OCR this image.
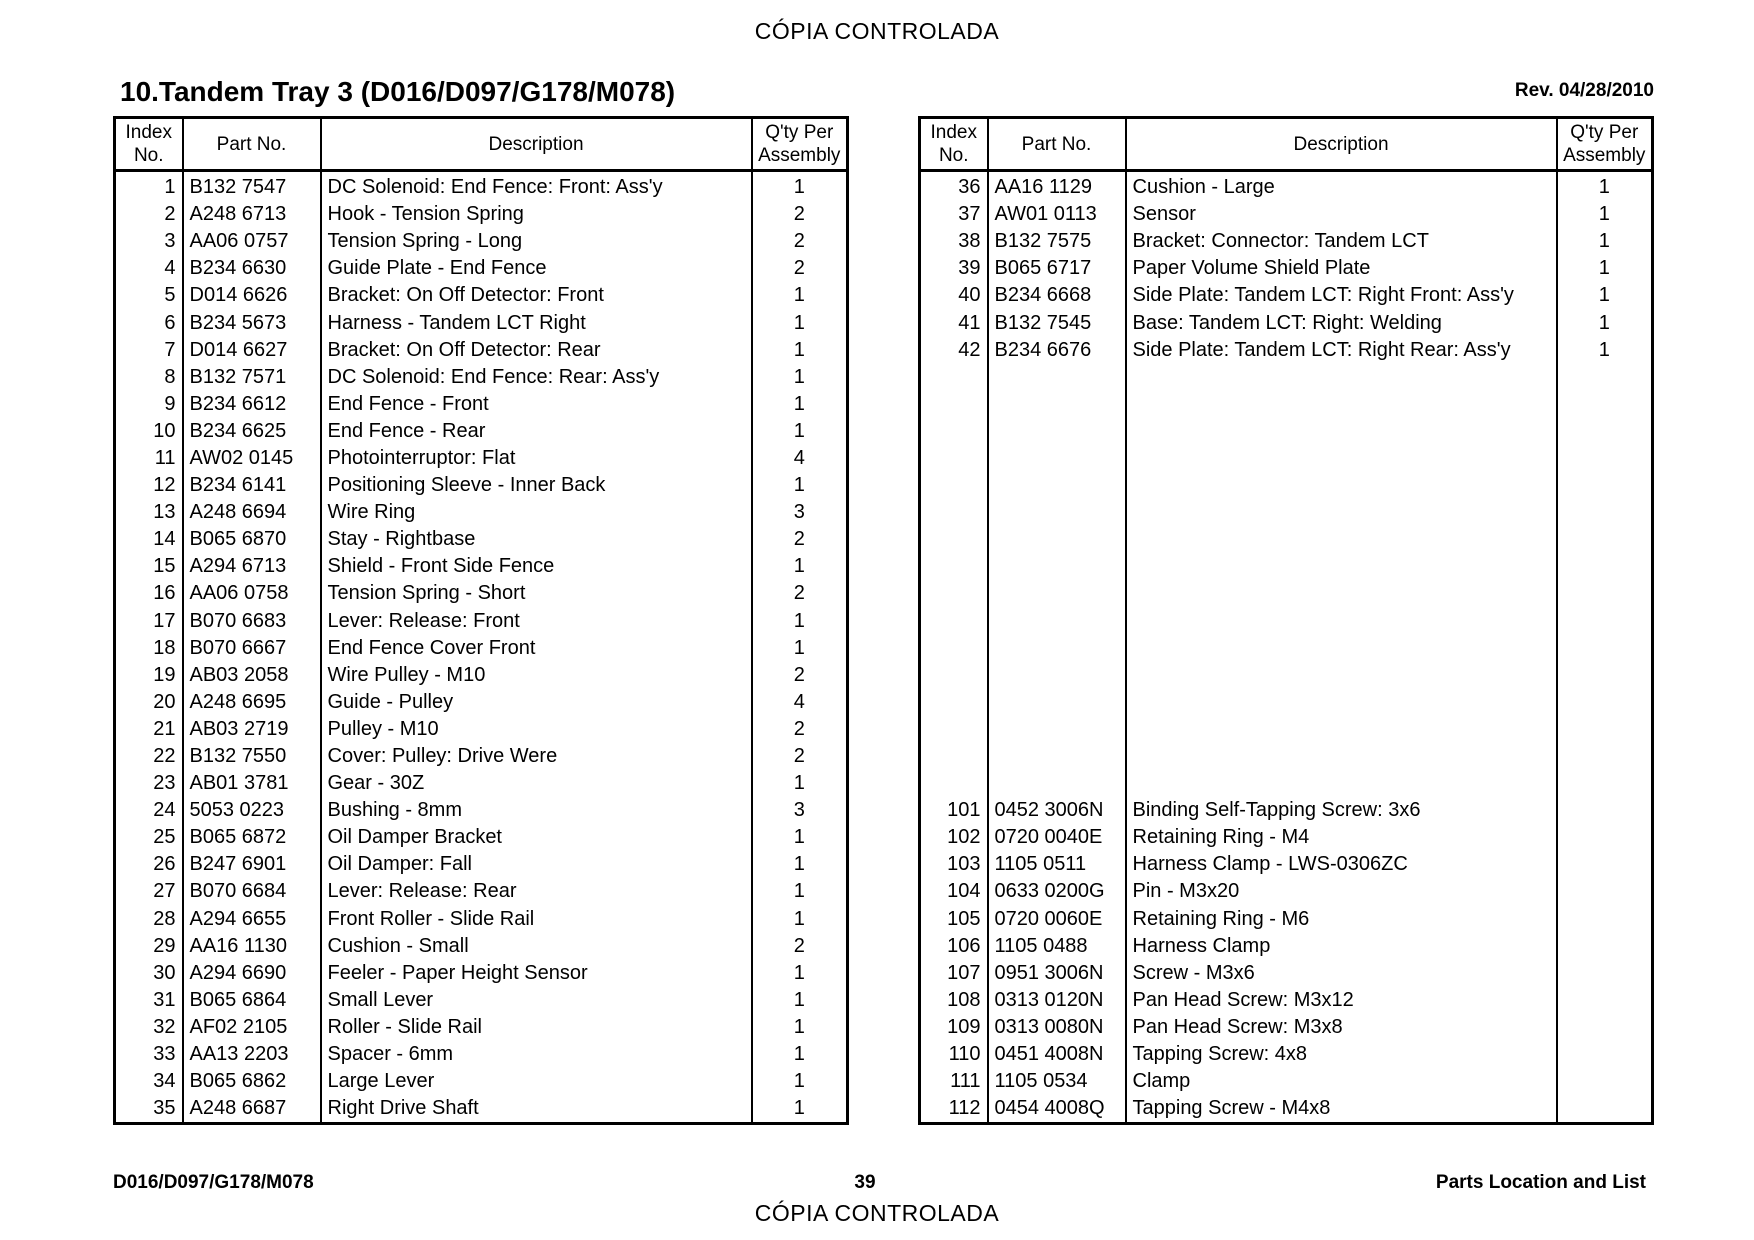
CÓPIA CONTROLADA
10.Tandem Tray 3 (D016/D097/G178/M078)	Rev. 04/28/2010
Index No.	Part No.	Description	Q'ty Per Assembly
1	B132 7547	DC Solenoid: End Fence: Front: Ass'y	1
2	A248 6713	Hook - Tension Spring	2
3	AA06 0757	Tension Spring - Long	2
4	B234 6630	Guide Plate - End Fence	2
5	D014 6626	Bracket: On Off Detector: Front	1
6	B234 5673	Harness - Tandem LCT Right	1
7	D014 6627	Bracket: On Off Detector: Rear	1
8	B132 7571	DC Solenoid: End Fence: Rear: Ass'y	1
9	B234 6612	End Fence - Front	1
10	B234 6625	End Fence - Rear	1
11	AW02 0145	Photointerruptor: Flat	4
12	B234 6141	Positioning Sleeve - Inner Back	1
13	A248 6694	Wire Ring	3
14	B065 6870	Stay - Rightbase	2
15	A294 6713	Shield - Front Side Fence	1
16	AA06 0758	Tension Spring - Short	2
17	B070 6683	Lever: Release: Front	1
18	B070 6667	End Fence Cover Front	1
19	AB03 2058	Wire Pulley - M10	2
20	A248 6695	Guide - Pulley	4
21	AB03 2719	Pulley - M10	2
22	B132 7550	Cover: Pulley: Drive Were	2
23	AB01 3781	Gear - 30Z	1
24	5053 0223	Bushing - 8mm	3
25	B065 6872	Oil Damper Bracket	1
26	B247 6901	Oil Damper: Fall	1
27	B070 6684	Lever: Release: Rear	1
28	A294 6655	Front Roller - Slide Rail	1
29	AA16 1130	Cushion - Small	2
30	A294 6690	Feeler - Paper Height Sensor	1
31	B065 6864	Small Lever	1
32	AF02 2105	Roller - Slide Rail	1
33	AA13 2203	Spacer - 6mm	1
34	B065 6862	Large Lever	1
35	A248 6687	Right Drive Shaft	1
Index No.	Part No.	Description	Q'ty Per Assembly
36	AA16 1129	Cushion - Large	1
37	AW01 0113	Sensor	1
38	B132 7575	Bracket: Connector: Tandem LCT	1
39	B065 6717	Paper Volume Shield Plate	1
40	B234 6668	Side Plate: Tandem LCT: Right Front: Ass'y	1
41	B132 7545	Base: Tandem LCT: Right: Welding	1
42	B234 6676	Side Plate: Tandem LCT: Right Rear: Ass'y	1

101	0452 3006N	Binding Self-Tapping Screw: 3x6	
102	0720 0040E	Retaining Ring - M4	
103	1105 0511	Harness Clamp - LWS-0306ZC	
104	0633 0200G	Pin - M3x20	
105	0720 0060E	Retaining Ring - M6	
106	1105 0488	Harness Clamp	
107	0951 3006N	Screw - M3x6	
108	0313 0120N	Pan Head Screw: M3x12	
109	0313 0080N	Pan Head Screw: M3x8	
110	0451 4008N	Tapping Screw: 4x8	
111	1105 0534	Clamp	
112	0454 4008Q	Tapping Screw - M4x8	
D016/D097/G178/M078	39	Parts Location and List
CÓPIA CONTROLADA
